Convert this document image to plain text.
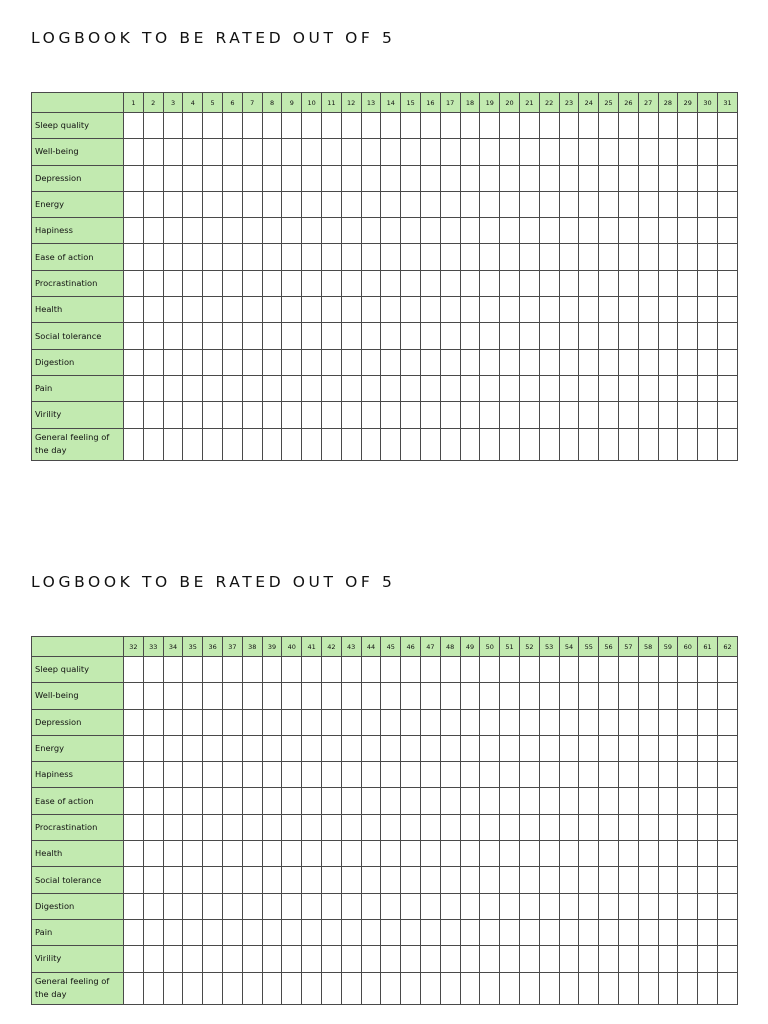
LOGBOOK TO BE RATED OUT OF 5
	1	2	3	4	5	6	7	8	9	10	11	12	13	14	15	16	17	18	19	20	21	22	23	24	25	26	27	28	29	30	31
Sleep quality																															
Well-being																															
Depression																															
Energy																															
Hapiness																															
Ease of action																															
Procrastination																															
Health																															
Social tolerance																															
Digestion																															
Pain																															
Virility																															
General feeling of the day																															
LOGBOOK TO BE RATED OUT OF 5
	32	33	34	35	36	37	38	39	40	41	42	43	44	45	46	47	48	49	50	51	52	53	54	55	56	57	58	59	60	61	62
Sleep quality																															
Well-being																															
Depression																															
Energy																															
Hapiness																															
Ease of action																															
Procrastination																															
Health																															
Social tolerance																															
Digestion																															
Pain																															
Virility																															
General feeling of the day																															
